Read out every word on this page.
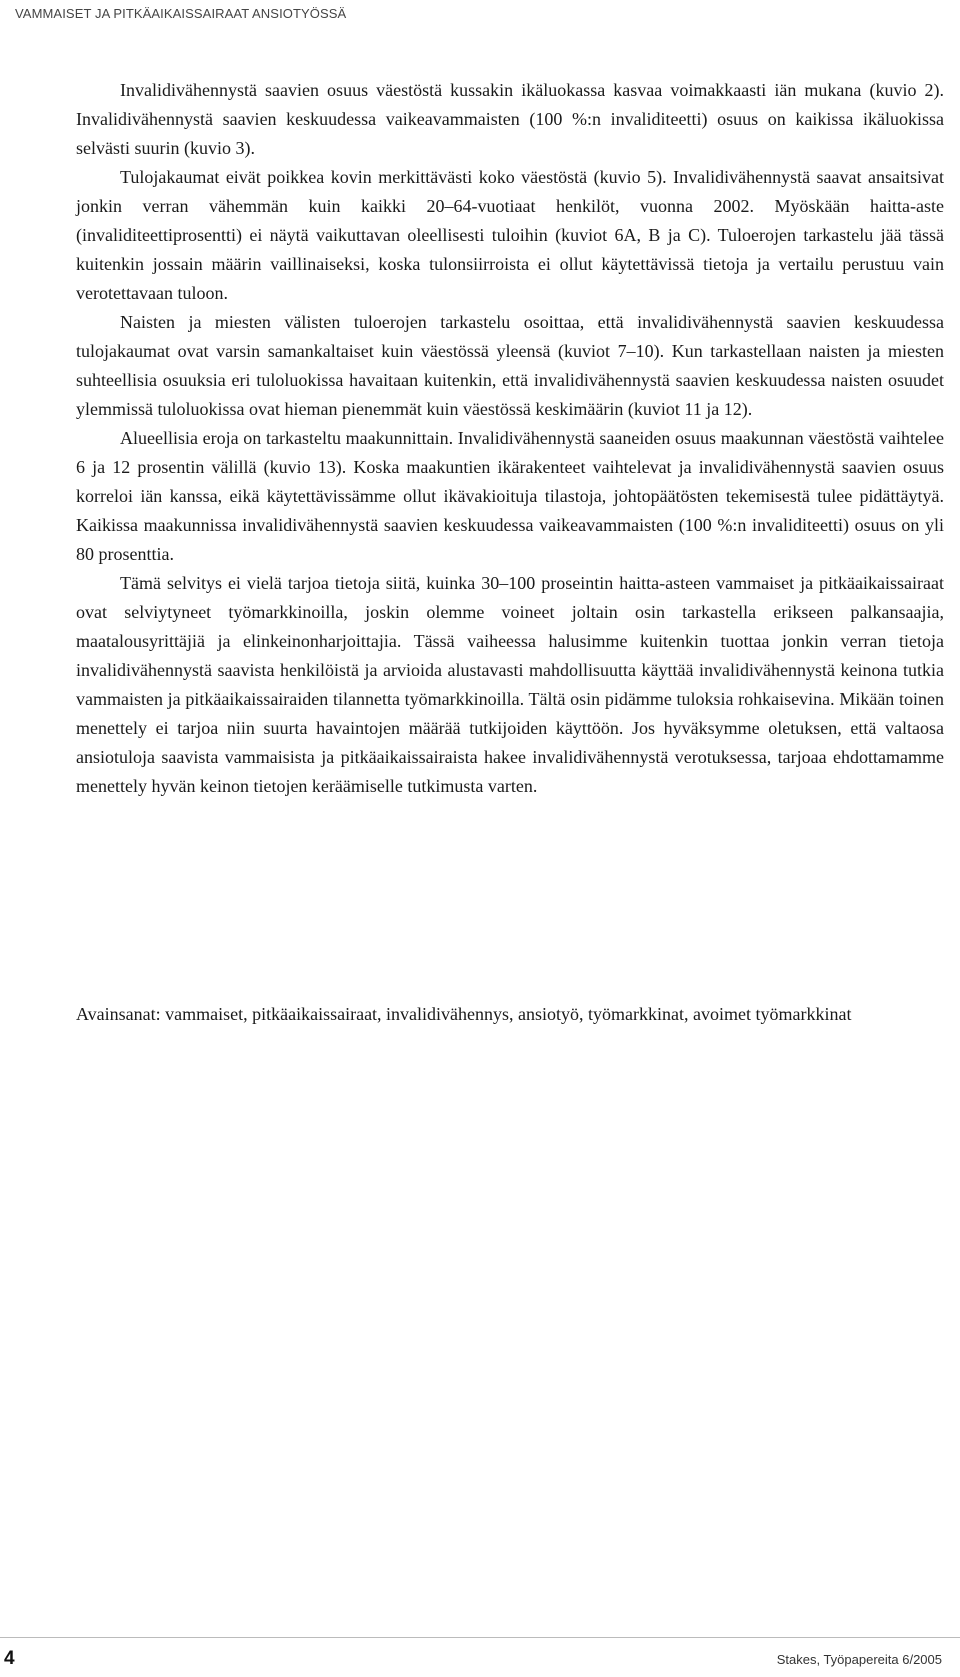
VAMMAISET JA PITKÄAIKAISSAIRAAT ANSIOTYÖSSÄ

Invalidivähennystä saavien osuus väestöstä kussakin ikäluokassa kasvaa voimakkaasti iän mukana (kuvio 2). Invalidivähennystä saavien keskuudessa vaikeavammaisten (100 %:n invaliditeetti) osuus on kaikissa ikäluokissa selvästi suurin (kuvio 3).

Tulojakaumat eivät poikkea kovin merkittävästi koko väestöstä (kuvio 5). Invalidivähennystä saavat ansaitsivat jonkin verran vähemmän kuin kaikki 20–64-vuotiaat henkilöt, vuonna 2002. Myöskään haitta-aste (invaliditeettiprosentti) ei näytä vaikuttavan oleellisesti tuloihin (kuviot 6A, B ja C). Tuloerojen tarkastelu jää tässä kuitenkin jossain määrin vaillinaiseksi, koska tulonsiirroista ei ollut käytettävissä tietoja ja vertailu perustuu vain verotettavaan tuloon.

Naisten ja miesten välisten tuloerojen tarkastelu osoittaa, että invalidivähennystä saavien keskuudessa tulojakaumat ovat varsin samankaltaiset kuin väestössä yleensä (kuviot 7–10). Kun tarkastellaan naisten ja miesten suhteellisia osuuksia eri tuloluokissa havaitaan kuitenkin, että invalidivähennystä saavien keskuudessa naisten osuudet ylemmissä tuloluokissa ovat hieman pienemmät kuin väestössä keskimäärin (kuviot 11 ja 12).

Alueellisia eroja on tarkasteltu maakunnittain. Invalidivähennystä saaneiden osuus maakunnan väestöstä vaihtelee 6 ja 12 prosentin välillä (kuvio 13). Koska maakuntien ikärakenteet vaihtelevat ja invalidivähennystä saavien osuus korreloi iän kanssa, eikä käytettävissämme ollut ikävakioituja tilastoja, johtopäätösten tekemisestä tulee pidättäytyä. Kaikissa maakunnissa invalidivähennystä saavien keskuudessa vaikeavammaisten (100 %:n invaliditeetti) osuus on yli 80 prosenttia.

Tämä selvitys ei vielä tarjoa tietoja siitä, kuinka 30–100 proseintin haitta-asteen vammaiset ja pitkäaikaissairaat ovat selviytyneet työmarkkinoilla, joskin olemme voineet joltain osin tarkastella erikseen palkansaajia, maatalousyrittäjiä ja elinkeinonharjoittajia. Tässä vaiheessa halusimme kuitenkin tuottaa jonkin verran tietoja invalidivähennystä saavista henkilöistä ja arvioida alustavasti mahdollisuutta käyttää invalidivähennystä keinona tutkia vammaisten ja pitkäaikaissairaiden tilannetta työmarkkinoilla. Tältä osin pidämme tuloksia rohkaisevina. Mikään toinen menettely ei tarjoa niin suurta havaintojen määrää tutkijoiden käyttöön. Jos hyväksymme oletuksen, että valtaosa ansiotuloja saavista vammaisista ja pitkäaikaissairaista hakee invalidivähennystä verotuksessa, tarjoaa ehdottamamme menettely hyvän keinon tietojen keräämiselle tutkimusta varten.

Avainsanat: vammaiset, pitkäaikaissairaat, invalidivähennys, ansiotyö, työmarkkinat, avoimet työmarkkinat
4	Stakes, Työpapereita 6/2005
